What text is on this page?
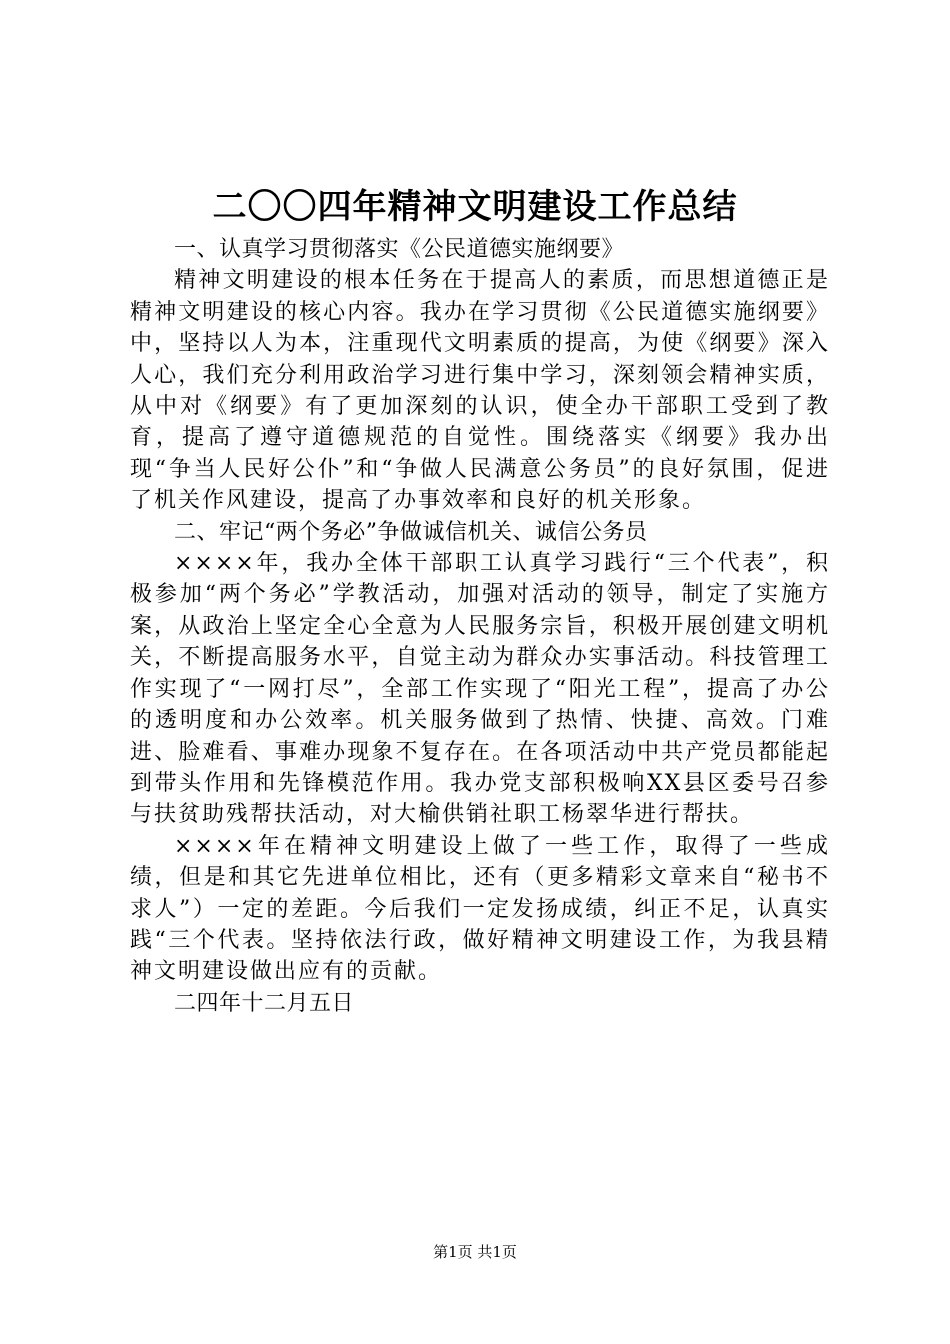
二〇〇四年精神文明建设工作总结

一、认真学习贯彻落实《公民道德实施纲要》

精神文明建设的根本任务在于提高人的素质，而思想道德正是精神文明建设的核心内容。我办在学习贯彻《公民道德实施纲要》中，坚持以人为本，注重现代文明素质的提高，为使《纲要》深入人心，我们充分利用政治学习进行集中学习，深刻领会精神实质，从中对《纲要》有了更加深刻的认识，使全办干部职工受到了教育，提高了遵守道德规范的自觉性。围绕落实《纲要》我办出现“争当人民好公仆”和“争做人民满意公务员”的良好氛围，促进了机关作风建设，提高了办事效率和良好的机关形象。

二、牢记“两个务必”争做诚信机关、诚信公务员

××××年，我办全体干部职工认真学习践行“三个代表”，积极参加“两个务必”学教活动，加强对活动的领导，制定了实施方案，从政治上坚定全心全意为人民服务宗旨，积极开展创建文明机关，不断提高服务水平，自觉主动为群众办实事活动。科技管理工作实现了“一网打尽”，全部工作实现了“阳光工程”，提高了办公的透明度和办公效率。机关服务做到了热情、快捷、高效。门难进、脸难看、事难办现象不复存在。在各项活动中共产党员都能起到带头作用和先锋模范作用。我办党支部积极响XX县区委号召参与扶贫助残帮扶活动，对大榆供销社职工杨翠华进行帮扶。

××××年在精神文明建设上做了一些工作，取得了一些成绩，但是和其它先进单位相比，还有（更多精彩文章来自“秘书不求人”）一定的差距。今后我们一定发扬成绩，纠正不足，认真实践“三个代表。坚持依法行政，做好精神文明建设工作，为我县精神文明建设做出应有的贡献。

二四年十二月五日

第1页 共1页
